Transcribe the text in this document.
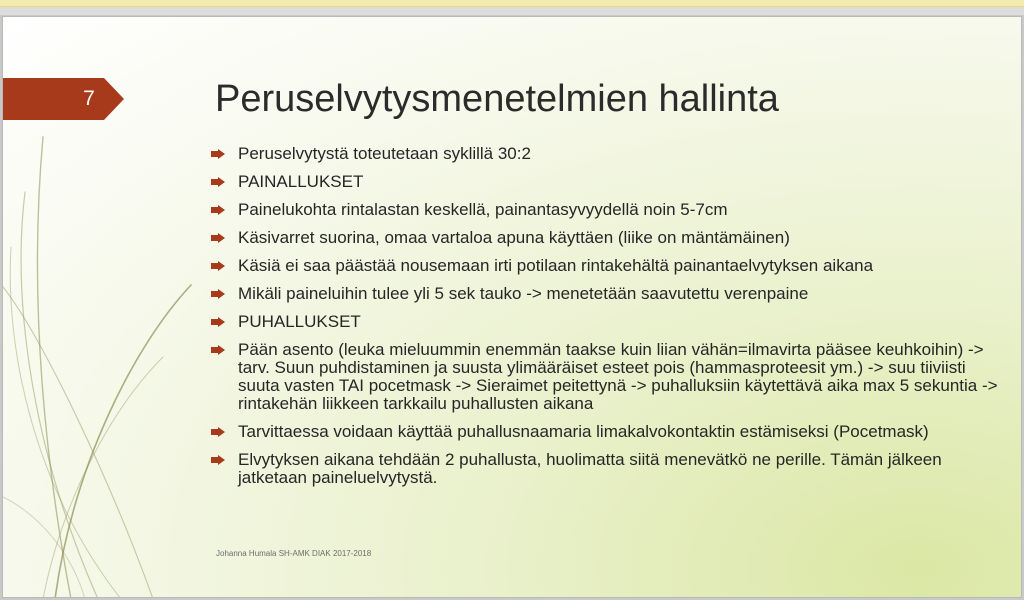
7	Peruselvytysmenetelmien hallinta
Peruselvytystä toteutetaan syklillä 30:2
PAINALLUKSET
Painelukohta rintalastan keskellä, painantasyvyydellä noin 5-7cm
Käsivarret suorina, omaa vartaloa apuna käyttäen (liike on mäntämäinen)
Käsiä ei saa päästää nousemaan irti potilaan rintakehältä painantaelvytyksen aikana
Mikäli paineluihin tulee yli 5 sek tauko -> menetetään saavutettu verenpaine
PUHALLUKSET
Pään asento (leuka mieluummin enemmän taakse kuin liian vähän=ilmavirta pääsee keuhkoihin) -> tarv. Suun puhdistaminen ja suusta ylimääräiset esteet pois (hammasproteesit ym.) -> suu tiiviisti suuta vasten TAI pocetmask -> Sieraimet peitettynä -> puhalluksiin käytettävä aika max 5 sekuntia -> rintakehän liikkeen tarkkailu puhallusten aikana
Tarvittaessa voidaan käyttää puhallusnaamaria limakalvokontaktin estämiseksi (Pocetmask)
Elvytyksen aikana tehdään 2 puhallusta, huolimatta siitä menevätkö ne perille. Tämän jälkeen jatketaan paineluelvytystä.
Johanna Humala SH-AMK DIAK 2017-2018
